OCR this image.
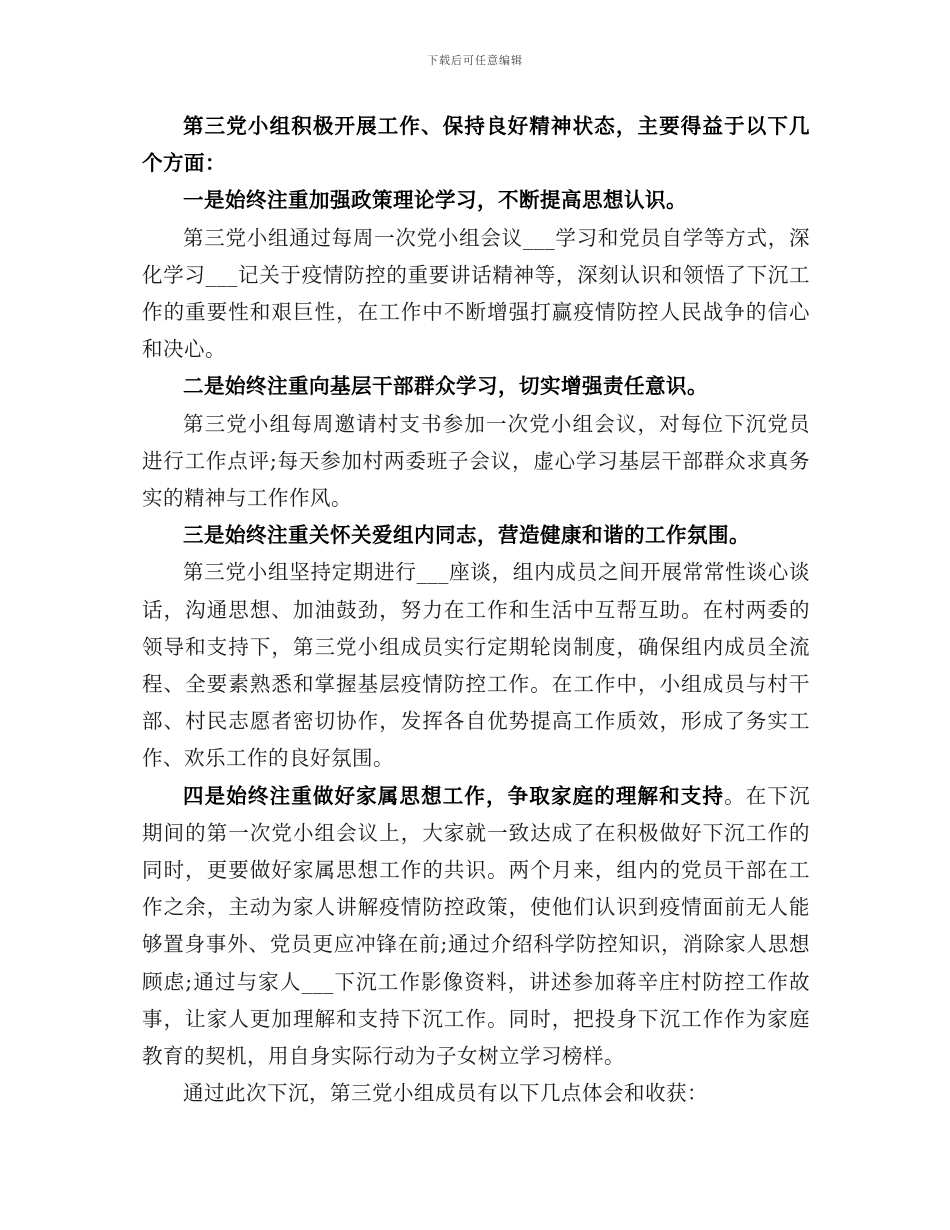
下载后可任意编辑

第三党小组积极开展工作、保持良好精神状态，主要得益于以下几个方面：

一是始终注重加强政策理论学习，不断提高思想认识。

第三党小组通过每周一次党小组会议___学习和党员自学等方式，深化学习___记关于疫情防控的重要讲话精神等，深刻认识和领悟了下沉工作的重要性和艰巨性，在工作中不断增强打赢疫情防控人民战争的信心和决心。

二是始终注重向基层干部群众学习，切实增强责任意识。

第三党小组每周邀请村支书参加一次党小组会议，对每位下沉党员进行工作点评;每天参加村两委班子会议，虚心学习基层干部群众求真务实的精神与工作作风。

三是始终注重关怀关爱组内同志，营造健康和谐的工作氛围。

第三党小组坚持定期进行___座谈，组内成员之间开展常常性谈心谈话，沟通思想、加油鼓劲，努力在工作和生活中互帮互助。在村两委的领导和支持下，第三党小组成员实行定期轮岗制度，确保组内成员全流程、全要素熟悉和掌握基层疫情防控工作。在工作中，小组成员与村干部、村民志愿者密切协作，发挥各自优势提高工作质效，形成了务实工作、欢乐工作的良好氛围。

四是始终注重做好家属思想工作，争取家庭的理解和支持。在下沉期间的第一次党小组会议上，大家就一致达成了在积极做好下沉工作的同时，更要做好家属思想工作的共识。两个月来，组内的党员干部在工作之余，主动为家人讲解疫情防控政策，使他们认识到疫情面前无人能够置身事外、党员更应冲锋在前;通过介绍科学防控知识，消除家人思想顾虑;通过与家人___下沉工作影像资料，讲述参加蒋辛庄村防控工作故事，让家人更加理解和支持下沉工作。同时，把投身下沉工作作为家庭教育的契机，用自身实际行动为子女树立学习榜样。

通过此次下沉，第三党小组成员有以下几点体会和收获：
